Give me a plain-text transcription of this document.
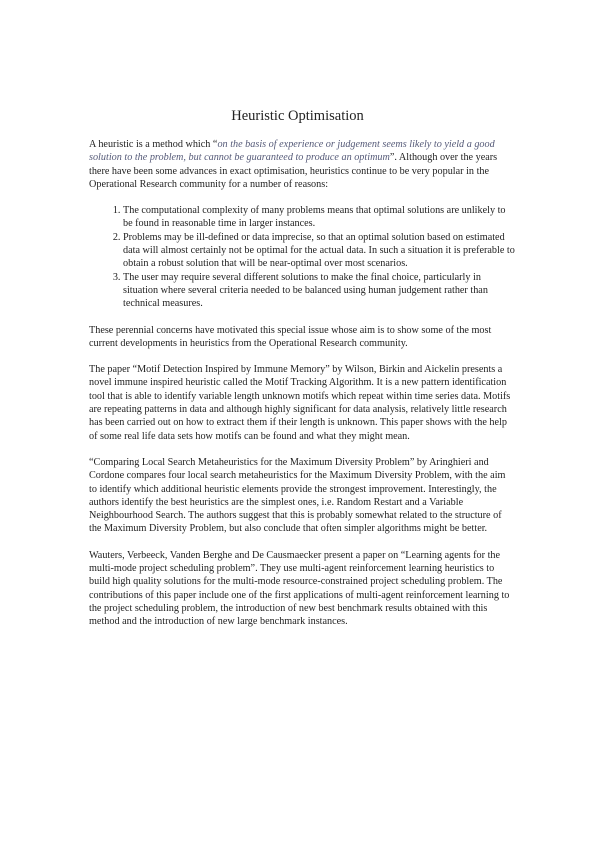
Heuristic Optimisation

A heuristic is a method which “on the basis of experience or judgement seems likely to yield a good solution to the problem, but cannot be guaranteed to produce an optimum”. Although over the years there have been some advances in exact optimisation, heuristics continue to be very popular in the Operational Research community for a number of reasons:

1. The computational complexity of many problems means that optimal solutions are unlikely to be found in reasonable time in larger instances.
2. Problems may be ill-defined or data imprecise, so that an optimal solution based on estimated data will almost certainly not be optimal for the actual data. In such a situation it is preferable to obtain a robust solution that will be near-optimal over most scenarios.
3. The user may require several different solutions to make the final choice, particularly in situation where several criteria needed to be balanced using human judgement rather than technical measures.

These perennial concerns have motivated this special issue whose aim is to show some of the most current developments in heuristics from the Operational Research community.

The paper “Motif Detection Inspired by Immune Memory” by Wilson, Birkin and Aickelin presents a novel immune inspired heuristic called the Motif Tracking Algorithm. It is a new pattern identification tool that is able to identify variable length unknown motifs which repeat within time series data. Motifs are repeating patterns in data and although highly significant for data analysis, relatively little research has been carried out on how to extract them if their length is unknown. This paper shows with the help of some real life data sets how motifs can be found and what they might mean.

“Comparing Local Search Metaheuristics for the Maximum Diversity Problem” by Aringhieri and Cordone compares four local search metaheuristics for the Maximum Diversity Problem, with the aim to identify which additional heuristic elements provide the strongest improvement. Interestingly, the authors identify the best heuristics are the simplest ones, i.e. Random Restart and a Variable Neighbourhood Search. The authors suggest that this is probably somewhat related to the structure of the Maximum Diversity Problem, but also conclude that often simpler algorithms might be better.

Wauters, Verbeeck, Vanden Berghe and De Causmaecker present a paper on “Learning agents for the multi-mode project scheduling problem”. They use multi-agent reinforcement learning heuristics to build high quality solutions for the multi-mode resource-constrained project scheduling problem. The contributions of this paper include one of the first applications of multi-agent reinforcement learning to the project scheduling problem, the introduction of new best benchmark results obtained with this method and the introduction of new large benchmark instances.
